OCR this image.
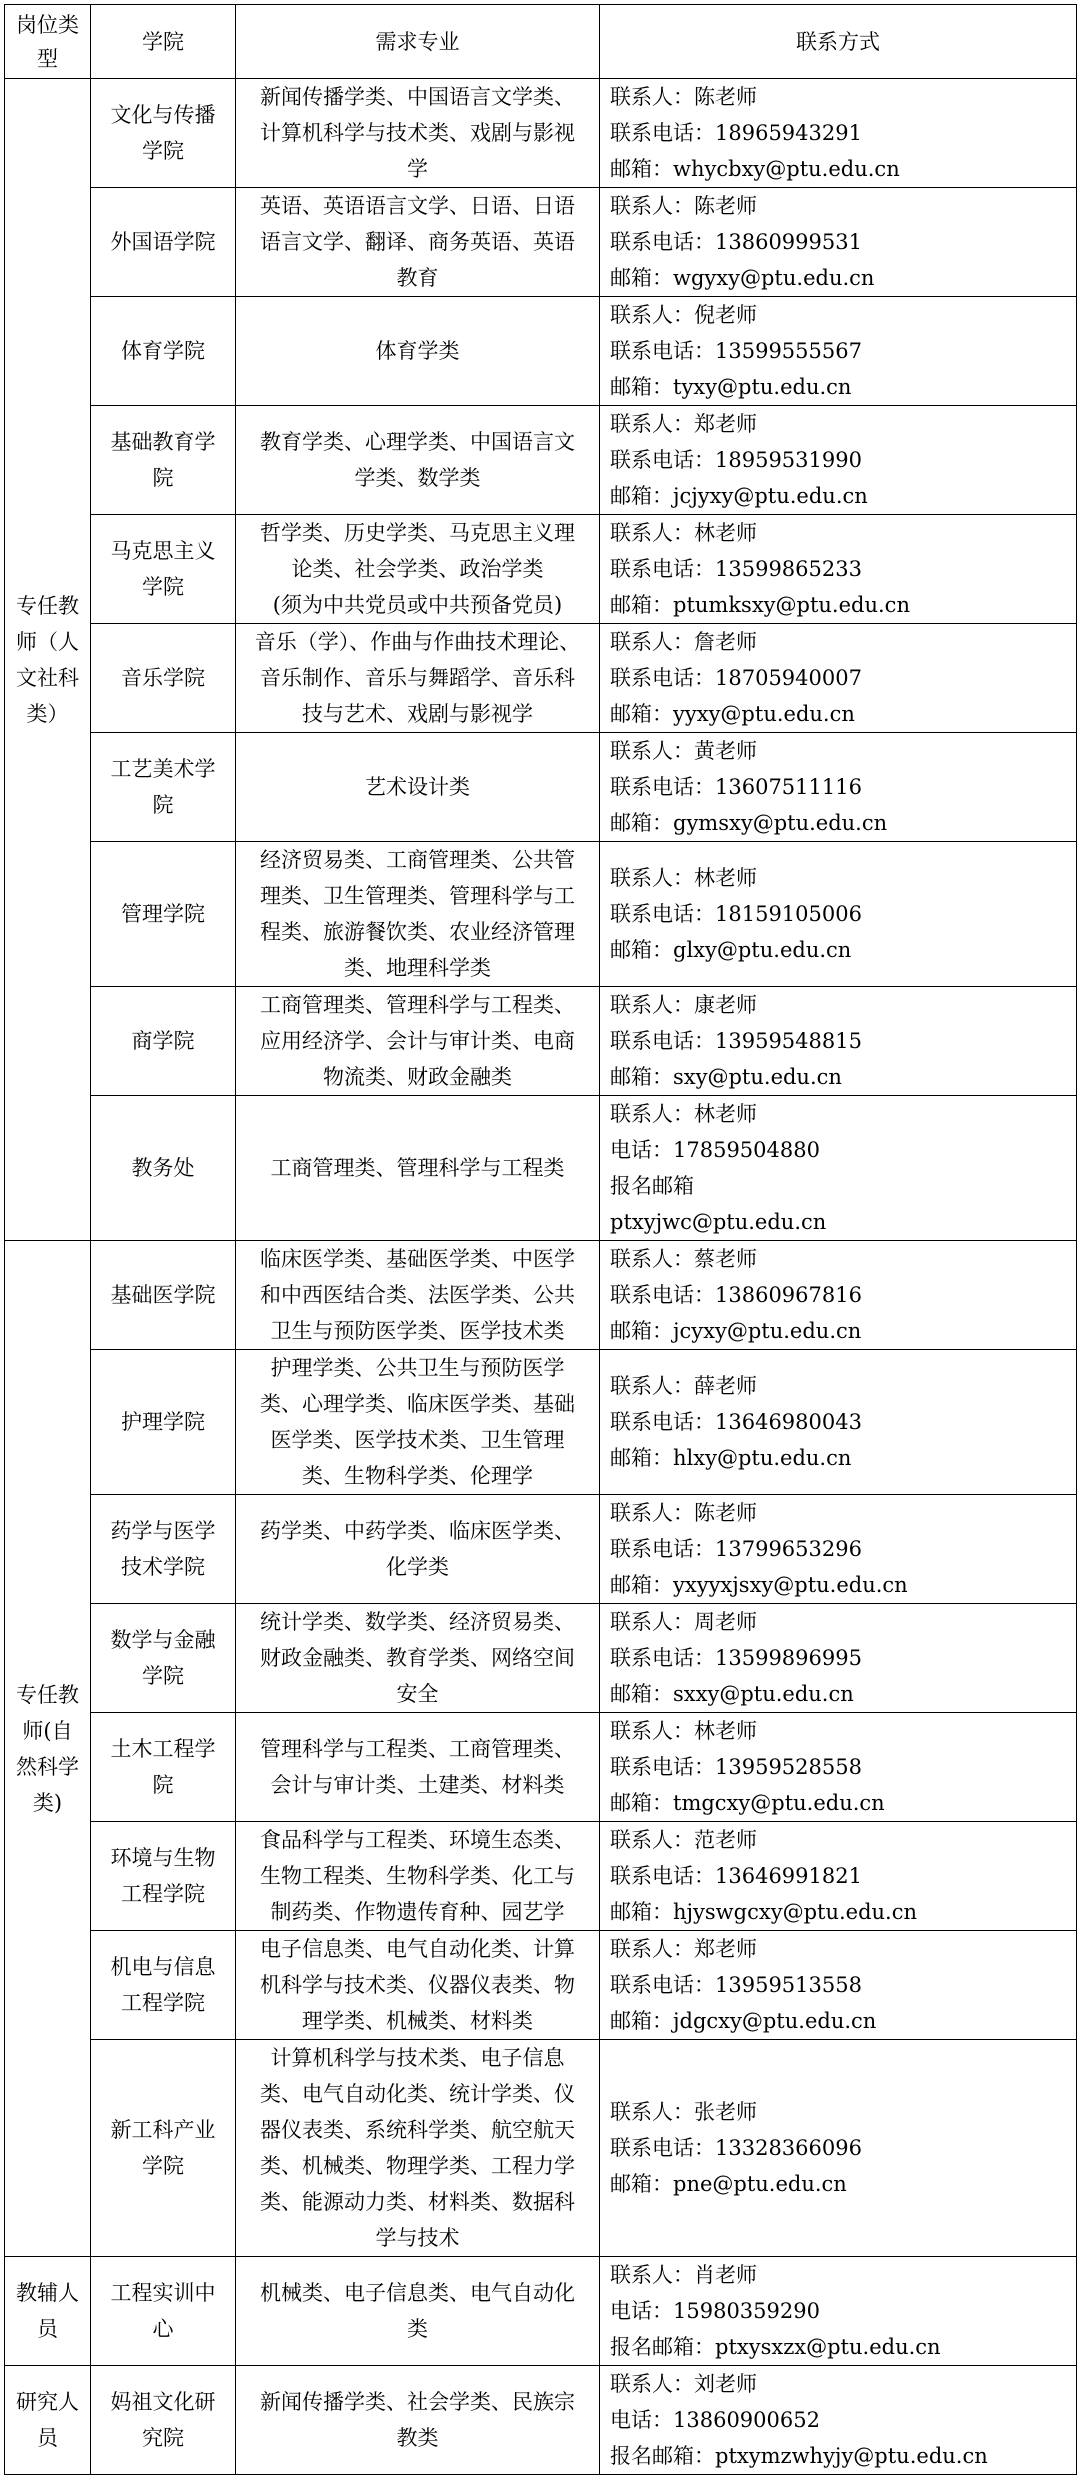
岗位类型	学院	需求专业	联系方式
专任教师（人文社科类）	文化与传播学院	新闻传播学类、中国语言文学类、计算机科学与技术类、戏剧与影视学	联系人：陈老师
联系电话：18965943291
邮箱：whycbxy@ptu.edu.cn

	外国语学院	英语、英语语言文学、日语、日语语言文学、翻译、商务英语、英语教育	联系人：陈老师
联系电话：13860999531
邮箱：wgyxy@ptu.edu.cn

	体育学院	体育学类	联系人：倪老师
联系电话：13599555567
邮箱：tyxy@ptu.edu.cn

	基础教育学院	教育学类、心理学类、中国语言文学类、数学类	联系人：郑老师
联系电话：18959531990
邮箱：jcjyxy@ptu.edu.cn

	马克思主义学院	哲学类、历史学类、马克思主义理论类、社会学类、政治学类
(须为中共党员或中共预备党员)	联系人：林老师
联系电话：13599865233
邮箱：ptumksxy@ptu.edu.cn

	音乐学院	音乐（学）、作曲与作曲技术理论、音乐制作、音乐与舞蹈学、音乐科技与艺术、戏剧与影视学	联系人：詹老师
联系电话：18705940007
邮箱：yyxy@ptu.edu.cn

	工艺美术学院	艺术设计类	联系人：黄老师
联系电话：13607511116
邮箱：gymsxy@ptu.edu.cn

	管理学院	经济贸易类、工商管理类、公共管理类、卫生管理类、管理科学与工程类、旅游餐饮类、农业经济管理类、地理科学类	联系人：林老师
联系电话：18159105006
邮箱：glxy@ptu.edu.cn

	商学院	工商管理类、管理科学与工程类、应用经济学、会计与审计类、电商物流类、财政金融类	联系人：康老师
联系电话：13959548815
邮箱：sxy@ptu.edu.cn

	教务处	工商管理类、管理科学与工程类	联系人：林老师
电话：17859504880
报名邮箱
ptxyjwc@ptu.edu.cn

专任教师(自然科学类)	基础医学院	临床医学类、基础医学类、中医学和中西医结合类、法医学类、公共卫生与预防医学类、医学技术类	联系人：蔡老师
联系电话：13860967816
邮箱：jcyxy@ptu.edu.cn

	护理学院	护理学类、公共卫生与预防医学类、心理学类、临床医学类、基础医学类、医学技术类、卫生管理类、生物科学类、伦理学	联系人：薛老师
联系电话：13646980043
邮箱：hlxy@ptu.edu.cn

	药学与医学技术学院	药学类、中药学类、临床医学类、化学类	联系人：陈老师
联系电话：13799653296
邮箱：yxyyxjsxy@ptu.edu.cn

	数学与金融学院	统计学类、数学类、经济贸易类、财政金融类、教育学类、网络空间安全	联系人：周老师
联系电话：13599896995
邮箱：sxxy@ptu.edu.cn

	土木工程学院	管理科学与工程类、工商管理类、会计与审计类、土建类、材料类	联系人：林老师
联系电话：13959528558
邮箱：tmgcxy@ptu.edu.cn

	环境与生物工程学院	食品科学与工程类、环境生态类、生物工程类、生物科学类、化工与制药类、作物遗传育种、园艺学	联系人：范老师
联系电话：13646991821
邮箱：hjyswgcxy@ptu.edu.cn

	机电与信息工程学院	电子信息类、电气自动化类、计算机科学与技术类、仪器仪表类、物理学类、机械类、材料类	联系人：郑老师
联系电话：13959513558
邮箱：jdgcxy@ptu.edu.cn

	新工科产业学院	计算机科学与技术类、电子信息类、电气自动化类、统计学类、仪器仪表类、系统科学类、航空航天类、机械类、物理学类、工程力学类、能源动力类、材料类、数据科学与技术	联系人：张老师
联系电话：13328366096
邮箱：pne@ptu.edu.cn

教辅人员	工程实训中心	机械类、电子信息类、电气自动化类	联系人：肖老师
电话：15980359290
报名邮箱：ptxysxzx@ptu.edu.cn

研究人员	妈祖文化研究院	新闻传播学类、社会学类、民族宗教类	联系人：刘老师
电话：13860900652
报名邮箱：ptxymzwhyjy@ptu.edu.cn
